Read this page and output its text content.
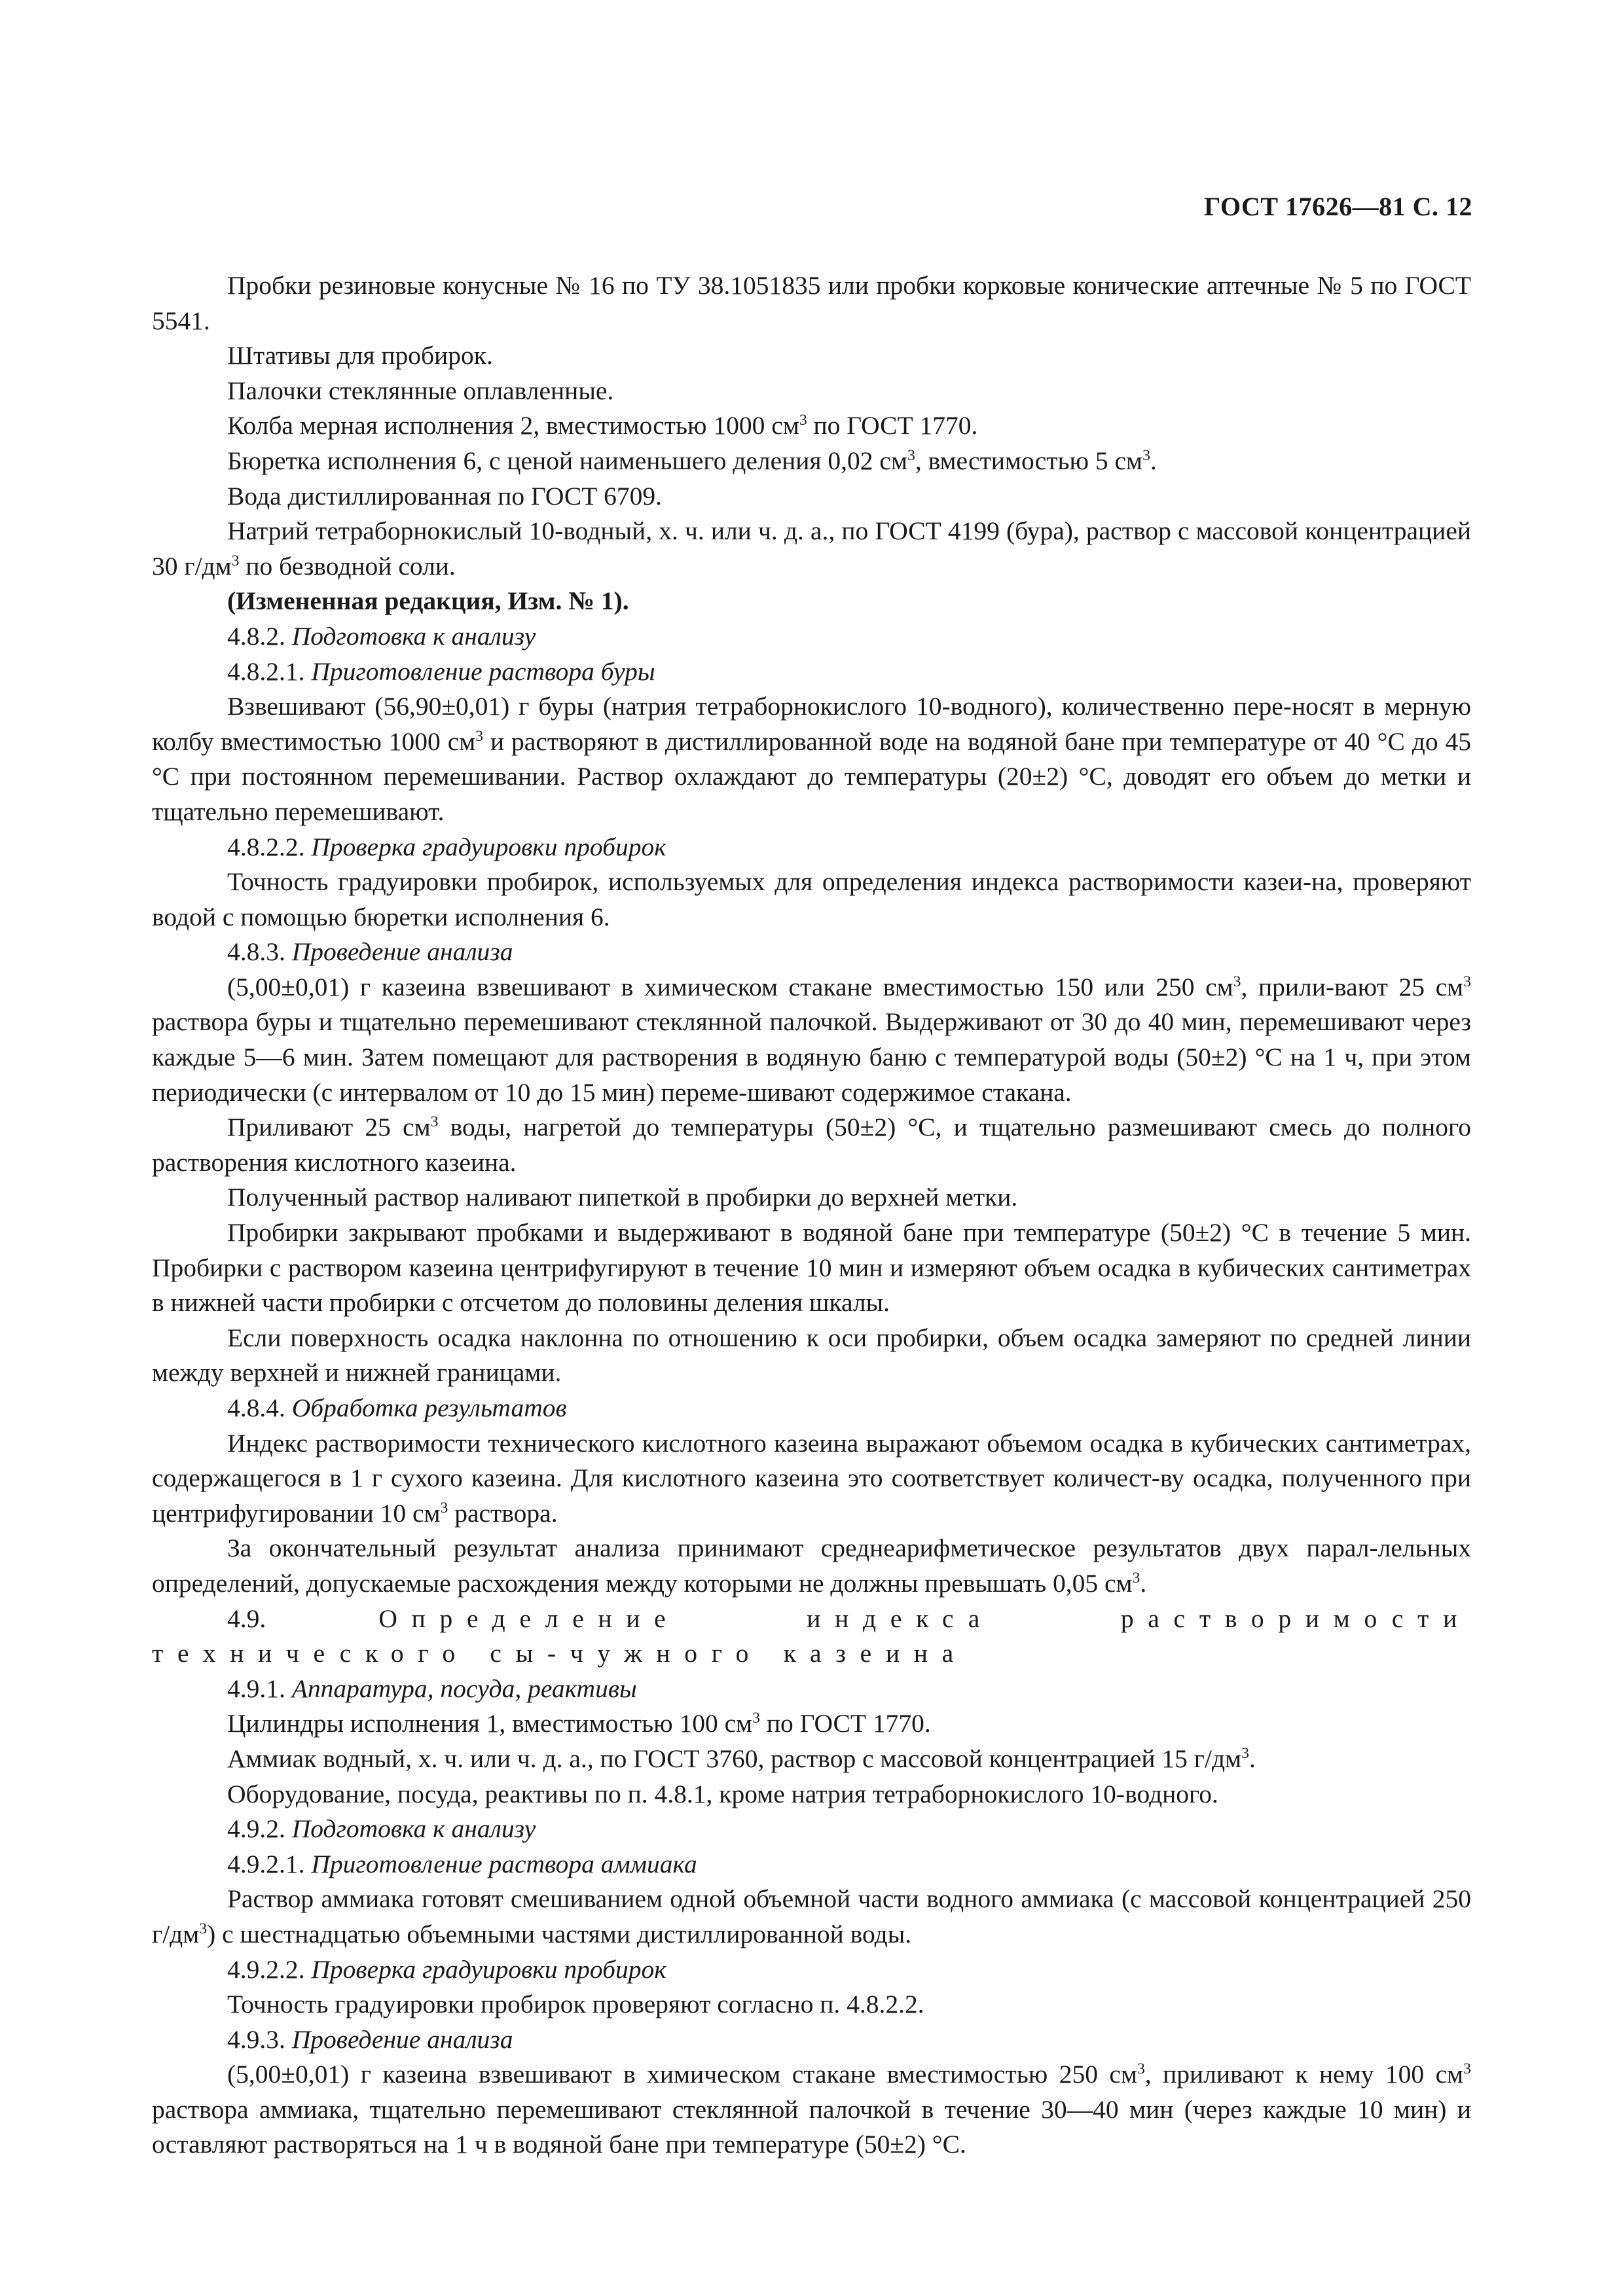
ГОСТ 17626—81 С. 12

Пробки резиновые конусные № 16 по ТУ 38.1051835 или пробки корковые конические аптечные № 5 по ГОСТ 5541.

Штативы для пробирок.

Палочки стеклянные оплавленные.

Колба мерная исполнения 2, вместимостью 1000 $см^3$ по ГОСТ 1770.

Бюретка исполнения 6, с ценой наименьшего деления 0,02 $см^3$, вместимостью 5 $см^3$.

Вода дистиллированная по ГОСТ 6709.

Натрий тетраборнокислый 10-водный, х. ч. или ч. д. а., по ГОСТ 4199 (бура), раствор с массовой концентрацией 30 $г/дм^3$ по безводной соли.

(Измененная редакция, Изм. № 1).

4.8.2. Подготовка к анализу

4.8.2.1. Приготовление раствора буры

Взвешивают (56,90±0,01) г буры (натрия тетраборнокислого 10-водного), количественно пере-носят в мерную колбу вместимостью 1000 $см^3$ и растворяют в дистиллированной воде на водяной бане при температуре от 40 °С до 45 °С при постоянном перемешивании. Раствор охлаждают до температуры (20±2) °С, доводят его объем до метки и тщательно перемешивают.

4.8.2.2. Проверка градуировки пробирок

Точность градуировки пробирок, используемых для определения индекса растворимости казеи-на, проверяют водой с помощью бюретки исполнения 6.

4.8.3. Проведение анализа

(5,00±0,01) г казеина взвешивают в химическом стакане вместимостью 150 или 250 $см^3$, прили-вают 25 $см^3$ раствора буры и тщательно перемешивают стеклянной палочкой. Выдерживают от 30 до 40 мин, перемешивают через каждые 5—6 мин. Затем помещают для растворения в водяную баню с температурой воды (50±2) °С на 1 ч, при этом периодически (с интервалом от 10 до 15 мин) переме-шивают содержимое стакана.

Приливают 25 $см^3$ воды, нагретой до температуры (50±2) °С, и тщательно размешивают смесь до полного растворения кислотного казеина.

Полученный раствор наливают пипеткой в пробирки до верхней метки.

Пробирки закрывают пробками и выдерживают в водяной бане при температуре (50±2) °С в течение 5 мин. Пробирки с раствором казеина центрифугируют в течение 10 мин и измеряют объем осадка в кубических сантиметрах в нижней части пробирки с отсчетом до половины деления шкалы.

Если поверхность осадка наклонна по отношению к оси пробирки, объем осадка замеряют по средней линии между верхней и нижней границами.

4.8.4. Обработка результатов

Индекс растворимости технического кислотного казеина выражают объемом осадка в кубических сантиметрах, содержащегося в 1 г сухого казеина. Для кислотного казеина это соответствует количест-ву осадка, полученного при центрифугировании 10 $см^3$ раствора.

За окончательный результат анализа принимают среднеарифметическое результатов двух парал-лельных определений, допускаемые расхождения между которыми не должны превышать 0,05 $см^3$.

4.9. Определение индекса растворимости технического сы-чужного казеина

4.9.1. Аппаратура, посуда, реактивы

Цилиндры исполнения 1, вместимостью 100 $см^3$ по ГОСТ 1770.

Аммиак водный, х. ч. или ч. д. а., по ГОСТ 3760, раствор с массовой концентрацией 15 $г/дм^3$.

Оборудование, посуда, реактивы по п. 4.8.1, кроме натрия тетраборнокислого 10-водного.

4.9.2. Подготовка к анализу

4.9.2.1. Приготовление раствора аммиака

Раствор аммиака готовят смешиванием одной объемной части водного аммиака (с массовой концентрацией 250 $г/дм^3$) с шестнадцатью объемными частями дистиллированной воды.

4.9.2.2. Проверка градуировки пробирок

Точность градуировки пробирок проверяют согласно п. 4.8.2.2.

4.9.3. Проведение анализа

(5,00±0,01) г казеина взвешивают в химическом стакане вместимостью 250 $см^3$, приливают к нему 100 $см^3$ раствора аммиака, тщательно перемешивают стеклянной палочкой в течение 30—40 мин (через каждые 10 мин) и оставляют растворяться на 1 ч в водяной бане при температуре (50±2) °С.
